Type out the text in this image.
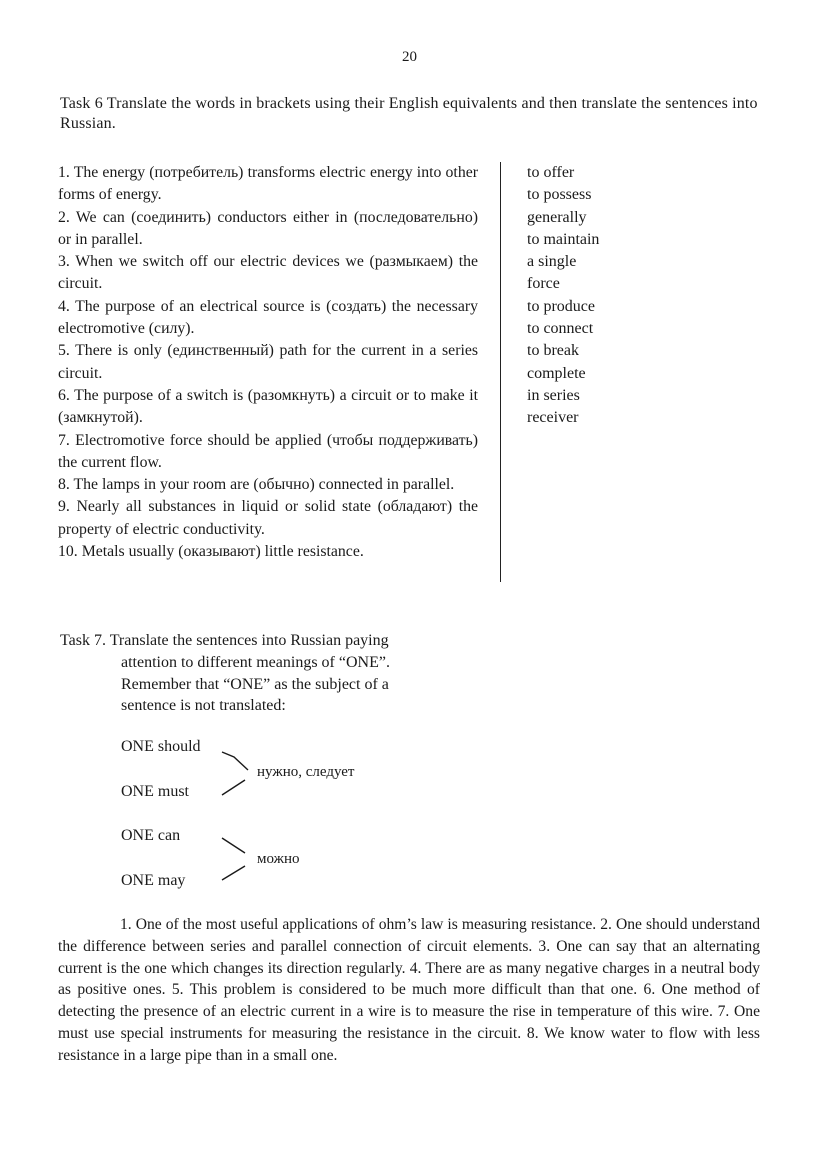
20
Task 6 Translate the words in brackets using their English equivalents and then translate the sentences into Russian.

1. The energy (потребитель) transforms electric energy into other forms of energy.

2. We can (соединить) conductors either in (последовательно) or in parallel.

3. When we switch off our electric devices we (размыкаем) the circuit.

4. The purpose of an electrical source is (создать) the necessary electromotive (силу).

5. There is only (единственный) path for the current in a series circuit.

6. The purpose of a switch is (разомкнуть) a circuit or to make it (замкнутой).

7. Electromotive force should be applied (чтобы поддерживать) the current flow.

8. The lamps in your room are (обычно) connected in parallel.

9. Nearly all substances in liquid or solid state (обладают) the property of electric conductivity.

10. Metals usually (оказывают) little resistance.

to offer

to possess

generally

to maintain

a single

force

to produce

to connect

to break

complete

in series

receiver

Task 7. Translate the sentences into Russian paying
attention to different meanings of “ONE”.
Remember that “ONE” as the subject of a
sentence is not translated:
ONE should
ONE must
нужно, следует
ONE can
ONE may
можно

1. One of the most useful applications of ohm’s law is measuring resistance. 2. One should understand the difference between series and parallel connection of circuit elements. 3. One can say that an alternating current is the one which changes its direction regularly. 4. There are as many negative charges in a neutral body as positive ones. 5. This problem is considered to be much more difficult than that one. 6. One method of detecting the presence of an electric current in a wire is to measure the rise in temperature of this wire. 7. One must use special instruments for measuring the resistance in the circuit. 8. We know water to flow with less resistance in a large pipe than in a small one.
